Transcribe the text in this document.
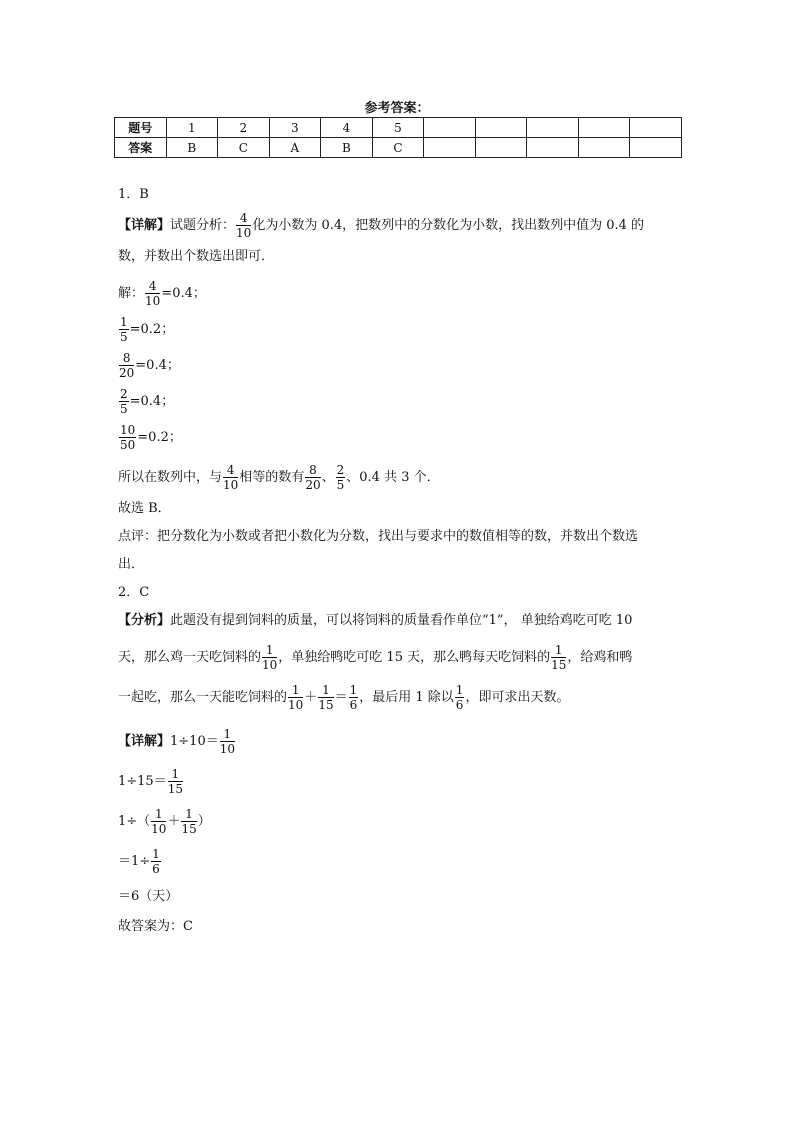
参考答案：
题号	1	2	3	4	5					
答案	B	C	A	B	C					
1．B
【详解】试题分析： $\frac{4}{10}$ 化为小数为 0.4，把数列中的分数化为小数，找出数列中值为 0.4 的
数，并数出个数选出即可．
解： $\frac{4}{10} =0.4$；
$\frac{1}{5} =0.2$；
$\frac{8}{20} =0.4$；
$\frac{2}{5} =0.4$；
$\frac{10}{50} =0.2$；
所以在数列中，与 $\frac{4}{10}$ 相等的数有 $\frac{8}{20}$ 、 $\frac{2}{5}$ 、0.4 共 3 个．
故选 B．
点评：把分数化为小数或者把小数化为分数，找出与要求中的数值相等的数，并数出个数选
出．
2．C
【分析】此题没有提到饲料的质量，可以将饲料的质量看作单位“1”， 单独给鸡吃可吃 10
天，那么鸡一天吃饲料的 $\frac{1}{10}$ ，单独给鸭吃可吃 15 天，那么鸭每天吃饲料的 $\frac{1}{15}$ ，给鸡和鸭
一起吃，那么一天能吃饲料的 $\frac{1}{10} + \frac{1}{15} = \frac{1}{6}$ ，最后用 1 除以 $\frac{1}{6}$ ，即可求出天数。
【详解】$1\div 10= \frac{1}{10}$
$1\div 15= \frac{1}{15}$
$1\div( \frac{1}{10} + \frac{1}{15}$ ）
$=1\div \frac{1}{6}$
＝6（天）
故答案为：C
